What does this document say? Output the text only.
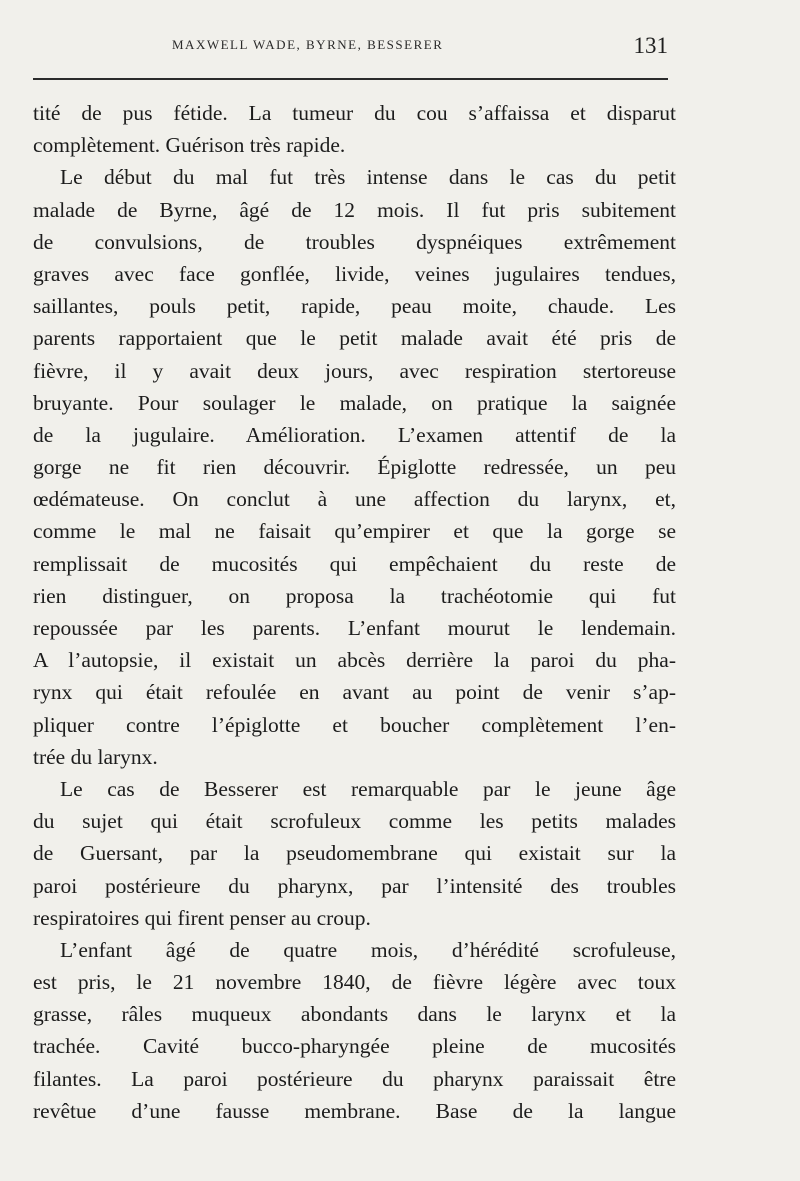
MAXWELL WADE, BYRNE, BESSERER	131
tité de pus fétide. La tumeur du cou s’affaissa et disparut
complètement. Guérison très rapide.
Le début du mal fut très intense dans le cas du petit
malade de Byrne, âgé de 12 mois. Il fut pris subitement
de convulsions, de troubles dyspnéiques extrêmement
graves avec face gonflée, livide, veines jugulaires tendues,
saillantes, pouls petit, rapide, peau moite, chaude. Les
parents rapportaient que le petit malade avait été pris de
fièvre, il y avait deux jours, avec respiration stertoreuse
bruyante. Pour soulager le malade, on pratique la saignée
de la jugulaire. Amélioration. L’examen attentif de la
gorge ne fit rien découvrir. Épiglotte redressée, un peu
œdémateuse. On conclut à une affection du larynx, et,
comme le mal ne faisait qu’empirer et que la gorge se
remplissait de mucosités qui empêchaient du reste de
rien distinguer, on proposa la trachéotomie qui fut
repoussée par les parents. L’enfant mourut le lendemain.
A l’autopsie, il existait un abcès derrière la paroi du pha-
rynx qui était refoulée en avant au point de venir s’ap-
pliquer contre l’épiglotte et boucher complètement l’en-
trée du larynx.
Le cas de Besserer est remarquable par le jeune âge
du sujet qui était scrofuleux comme les petits malades
de Guersant, par la pseudomembrane qui existait sur la
paroi postérieure du pharynx, par l’intensité des troubles
respiratoires qui firent penser au croup.
L’enfant âgé de quatre mois, d’hérédité scrofuleuse,
est pris, le 21 novembre 1840, de fièvre légère avec toux
grasse, râles muqueux abondants dans le larynx et la
trachée. Cavité bucco-pharyngée pleine de mucosités
filantes. La paroi postérieure du pharynx paraissait être
revêtue d’une fausse membrane. Base de la langue
